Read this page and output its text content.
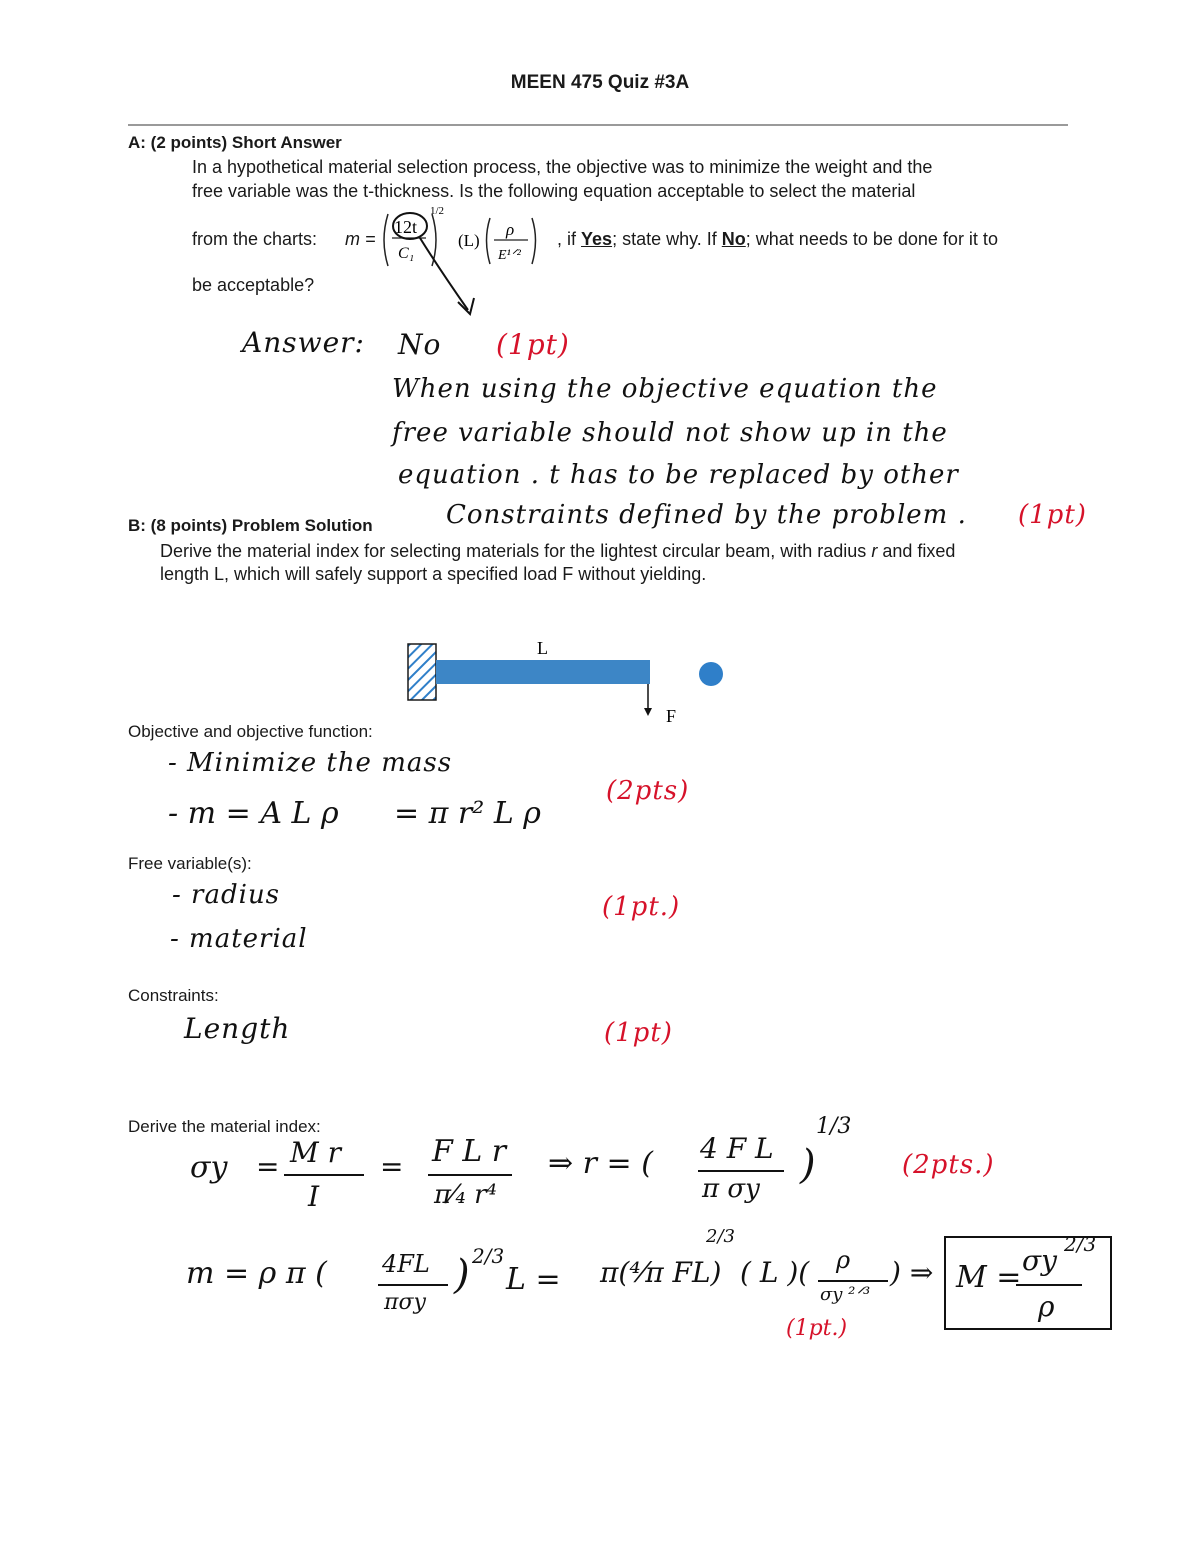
MEEN 475 Quiz #3A
A: (2 points) Short Answer
In a hypothetical material selection process, the objective was to minimize the weight and the
free variable was the t-thickness. Is the following equation acceptable to select the material
from the charts: m =
12t
C₁
1/2
(L)
ρ
E¹ᐟ²
, if Yes; state why. If No; what needs to be done for it to
be acceptable?
Answer: No (1pt)
When using the objective equation the
free variable should not show up in the
equation . t has to be replaced by other
Constraints defined by the problem . (1pt)
B: (8 points) Problem Solution
Derive the material index for selecting materials for the lightest circular beam, with radius r and fixed
length L, which will safely support a specified load F without yielding.
L
F
Objective and objective function:
- Minimize the mass
- m = A L ρ = π r² L ρ
(2pts)
Free variable(s):
- radius
- material
(1pt.)
Constraints:
Length	(1pt)
Derive the material index:
σy = M r
I
= F L r
π⁄₄ r⁴
⇒ r = ( 4 F L
π σy
)
1/3
(2pts.)
m = ρ π ( 4FL
πσy
) 2/3
L = π(⁴⁄π FL)
2/3
( L )( ρ
σy ²ᐟ³
) ⇒ M = σy 2/3
ρ
(1pt.)
